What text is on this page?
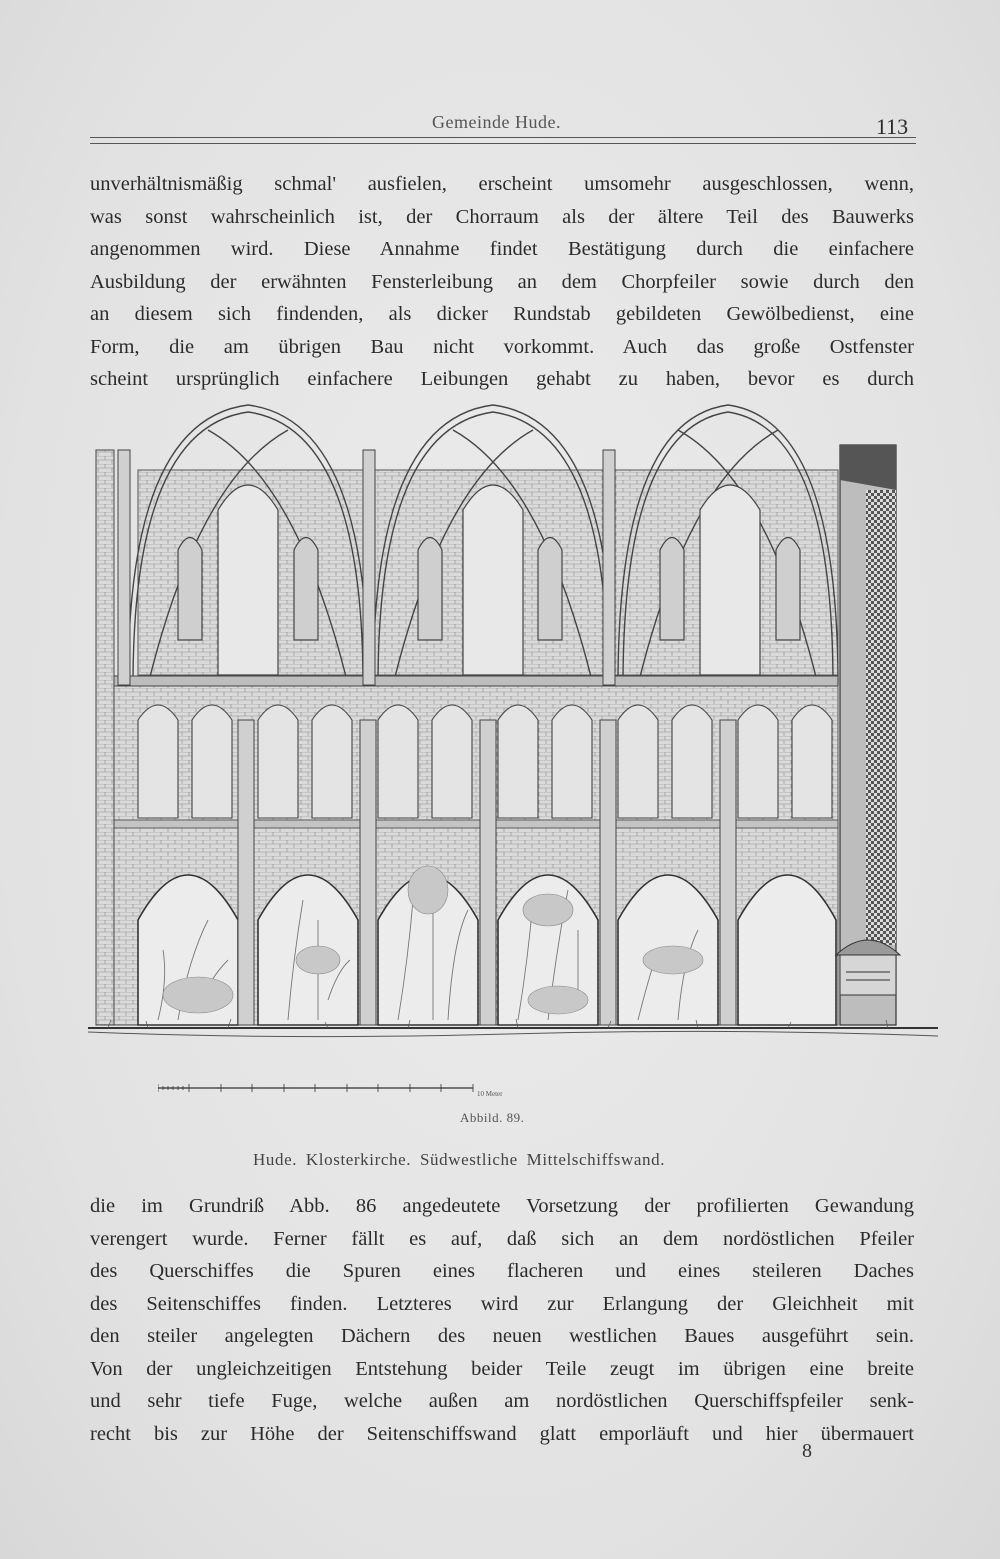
Gemeinde Hude.	113
unverhältnismäßig schmal' ausfielen, erscheint umsomehr ausgeschlossen, wenn,
was sonst wahrscheinlich ist, der Chorraum als der ältere Teil des Bauwerks
angenommen wird. Diese Annahme findet Bestätigung durch die einfachere
Ausbildung der erwähnten Fensterleibung an dem Chorpfeiler sowie durch den
an diesem sich findenden, als dicker Rundstab gebildeten Gewölbedienst, eine
Form, die am übrigen Bau nicht vorkommt. Auch das große Ostfenster
scheint ursprünglich einfachere Leibungen gehabt zu haben, bevor es durch
10 Meter
Abbild. 89.
Hude. Klosterkirche. Südwestliche Mittelschiffswand.
die im Grundriß Abb. 86 angedeutete Vorsetzung der profilierten Gewandung
verengert wurde. Ferner fällt es auf, daß sich an dem nordöstlichen Pfeiler
des Querschiffes die Spuren eines flacheren und eines steileren Daches
des Seitenschiffes finden. Letzteres wird zur Erlangung der Gleichheit mit
den steiler angelegten Dächern des neuen westlichen Baues ausgeführt sein.
Von der ungleichzeitigen Entstehung beider Teile zeugt im übrigen eine breite
und sehr tiefe Fuge, welche außen am nordöstlichen Querschiffspfeiler senk-
recht bis zur Höhe der Seitenschiffswand glatt emporläuft und hier übermauert
8
